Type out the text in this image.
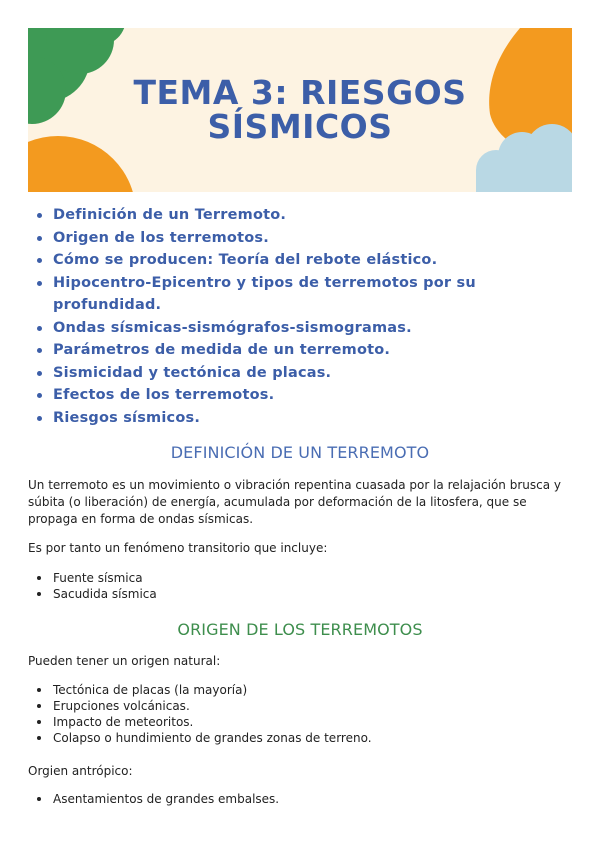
TEMA 3: RIESGOS
SÍSMICOS
Definición de un Terremoto.
Origen de los terremotos.
Cómo se producen: Teoría del rebote elástico.
Hipocentro-Epicentro y tipos de terremotos por su profundidad.
Ondas sísmicas-sismógrafos-sismogramas.
Parámetros de medida de un terremoto.
Sismicidad y tectónica de placas.
Efectos de los terremotos.
Riesgos sísmicos.
DEFINICIÓN DE UN TERREMOTO

Un terremoto es un movimiento o vibración repentina cuasada por la relajación brusca y súbita (o liberación) de energía, acumulada por deformación de la litosfera, que se propaga en forma de ondas sísmicas.

Es por tanto un fenómeno transitorio que incluye:

Fuente sísmica
Sacudida sísmica
ORIGEN DE LOS TERREMOTOS

Pueden tener un origen natural:

Tectónica de placas (la mayoría)
Erupciones volcánicas.
Impacto de meteoritos.
Colapso o hundimiento de grandes zonas de terreno.

Orgien antrópico:

Asentamientos de grandes embalses.
